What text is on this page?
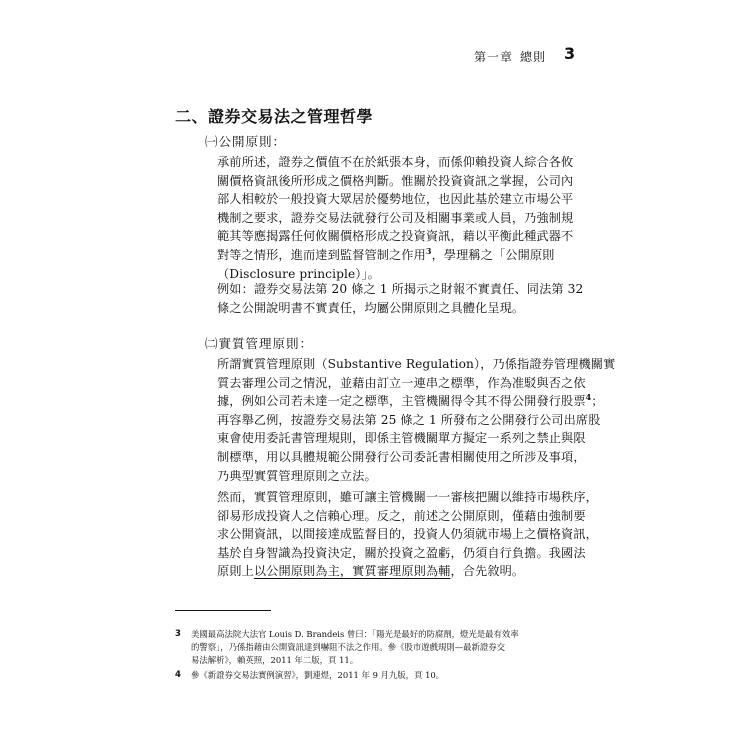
第一章 總則 3
二、證券交易法之管理哲學
㈠公開原則：

承前所述，證券之價值不在於紙張本身，而係仰賴投資人綜合各攸
關價格資訊後所形成之價格判斷。惟關於投資資訊之掌握，公司內
部人相較於一般投資大眾居於優勢地位，也因此基於建立市場公平
機制之要求，證券交易法就發行公司及相關事業或人員，乃強制規
範其等應揭露任何攸關價格形成之投資資訊，藉以平衡此種武器不
對等之情形，進而達到監督管制之作用$^3$，學理稱之「公開原則
（Disclosure principle）」。

例如：證券交易法第 20 條之 1 所揭示之財報不實責任、同法第 32
條之公開說明書不實責任，均屬公開原則之具體化呈現。

㈡實質管理原則：

所謂實質管理原則（Substantive Regulation），乃係指證券管理機關實
質去審理公司之情況，並藉由訂立一連串之標準，作為准駁與否之依
據，例如公司若未達一定之標準，主管機關得令其不得公開發行股票$^4$；
再容舉乙例，按證券交易法第 25 條之 1 所發布之公開發行公司出席股
東會使用委託書管理規則，即係主管機關單方擬定一系列之禁止與限
制標準，用以具體規範公開發行公司委託書相關使用之所涉及事項，
乃典型實質管理原則之立法。

然而，實質管理原則，雖可讓主管機關一一審核把關以維持市場秩序，
卻易形成投資人之信賴心理。反之，前述之公開原則，僅藉由強制要
求公開資訊，以間接達成監督目的，投資人仍須就市場上之價格資訊，
基於自身智識為投資決定，關於投資之盈虧，仍須自行負擔。我國法
原則上以公開原則為主，實質審理原則為輔，合先敘明。

3 美國最高法院大法官 Louis D. Brandeis 曾曰：「陽光是最好的防腐劑，燈光是最有效率
的警察」，乃係指藉由公開資訊達到嚇阻不法之作用。參《股市遊戲規則—最新證券交
易法解析》，賴英照，2011 年二版，頁 11。
4 參《新證券交易法實例演習》，劉連煜，2011 年 9 月九版，頁 10。
